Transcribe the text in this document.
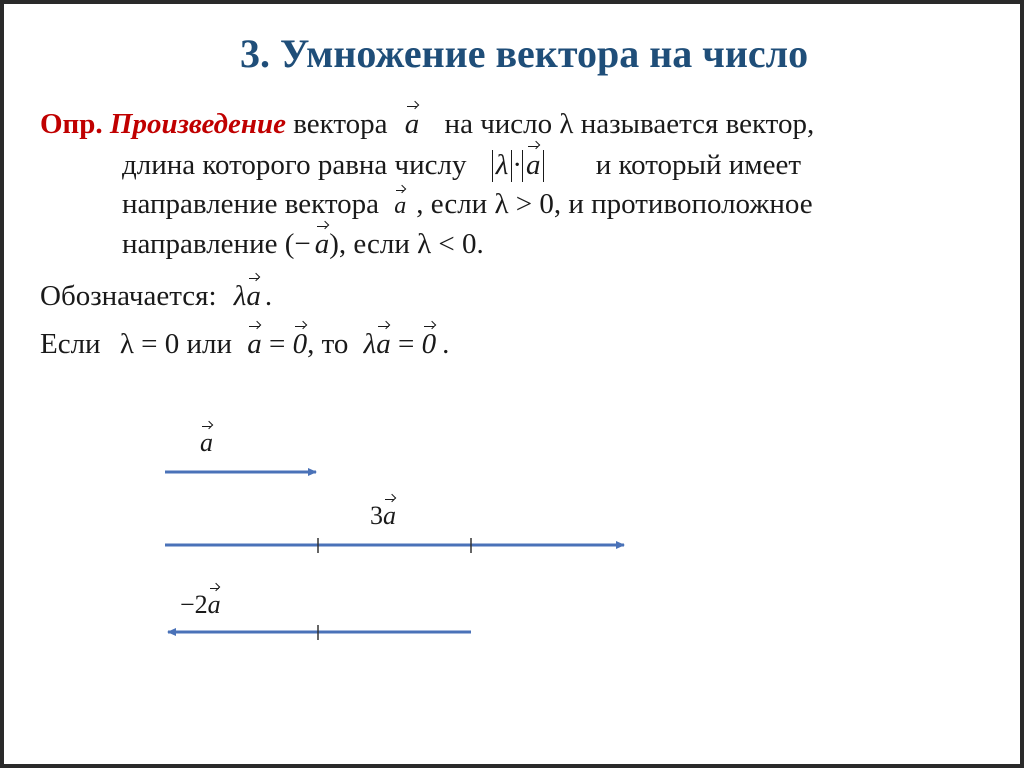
3. Умножение вектора на число
Опр. Произведение вектора a на число λ называется вектор,
длина которого равна числу λ · a и который имеет
направление вектора a , если λ > 0, и противоположное
направление (− a), если λ < 0.
Обозначается: λa .
Если λ = 0 или a = 0, то λa = 0 .
a
3a
−2a
